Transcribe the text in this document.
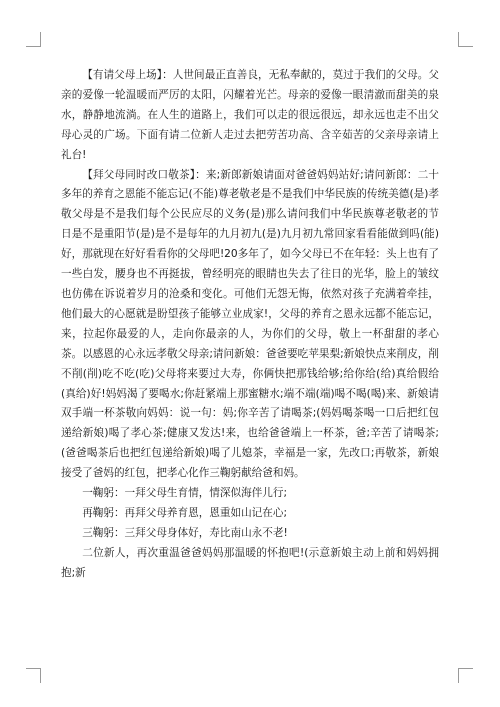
【有请父母上场】：人世间最正直善良，无私奉献的，莫过于我们的父母。父亲的爱像一轮温暖而严厉的太阳，闪耀着光芒。母亲的爱像一眼清澈而甜美的泉水，静静地流淌。在人生的道路上，我们可以走的很远很远，却永远也走不出父母心灵的广场。下面有请二位新人走过去把劳苦功高、含辛茹苦的父亲母亲请上礼台!

【拜父母同时改口敬茶】：来;新郎新娘请面对爸爸妈妈站好;请问新郎：二十多年的养育之恩能不能忘记(不能)尊老敬老是不是我们中华民族的传统美德(是)孝敬父母是不是我们每个公民应尽的义务(是)那么请问我们中华民族尊老敬老的节日是不是重阳节(是)是不是每年的九月初九(是)九月初九常回家看看能做到吗(能)好，那就现在好好看看你的父母吧!20多年了，如今父母已不在年轻：头上也有了一些白发，腰身也不再挺拔，曾经明亮的眼睛也失去了往日的光华，脸上的皱纹也仿佛在诉说着岁月的沧桑和变化。可他们无怨无悔，依然对孩子充满着牵挂，他们最大的心愿就是盼望孩子能够立业成家!，父母的养育之恩永远都不能忘记，来，拉起你最爱的人，走向你最亲的人，为你们的父母，敬上一杯甜甜的孝心茶。以感恩的心永远孝敬父母亲;请问新娘：爸爸要吃苹果梨;新娘快点来削皮，削不削(削)吃不吃(吃)父母将来要过大寿，你俩快把那钱给够;给你给(给)真给假给(真给)好!妈妈渴了要喝水;你赶紧端上那蜜糖水;端不端(端)喝不喝(喝)来、新娘请双手端一杯茶敬向妈妈：说一句：妈;你辛苦了请喝茶;(妈妈喝茶喝一口后把红包递给新娘)喝了孝心茶;健康又发达!来，也给爸爸端上一杯茶，爸;辛苦了请喝茶;(爸爸喝茶后也把红包递给新娘)喝了儿媳茶，幸福是一家，先改口;再敬茶，新娘接受了爸妈的红包，把孝心化作三鞠躬献给爸和妈。

一鞠躬：一拜父母生育情，情深似海伴儿行;

再鞠躬：再拜父母养育恩，恩重如山记在心;

三鞠躬：三拜父母身体好，寿比南山永不老!

二位新人，再次重温爸爸妈妈那温暖的怀抱吧!(示意新娘主动上前和妈妈拥抱;新
